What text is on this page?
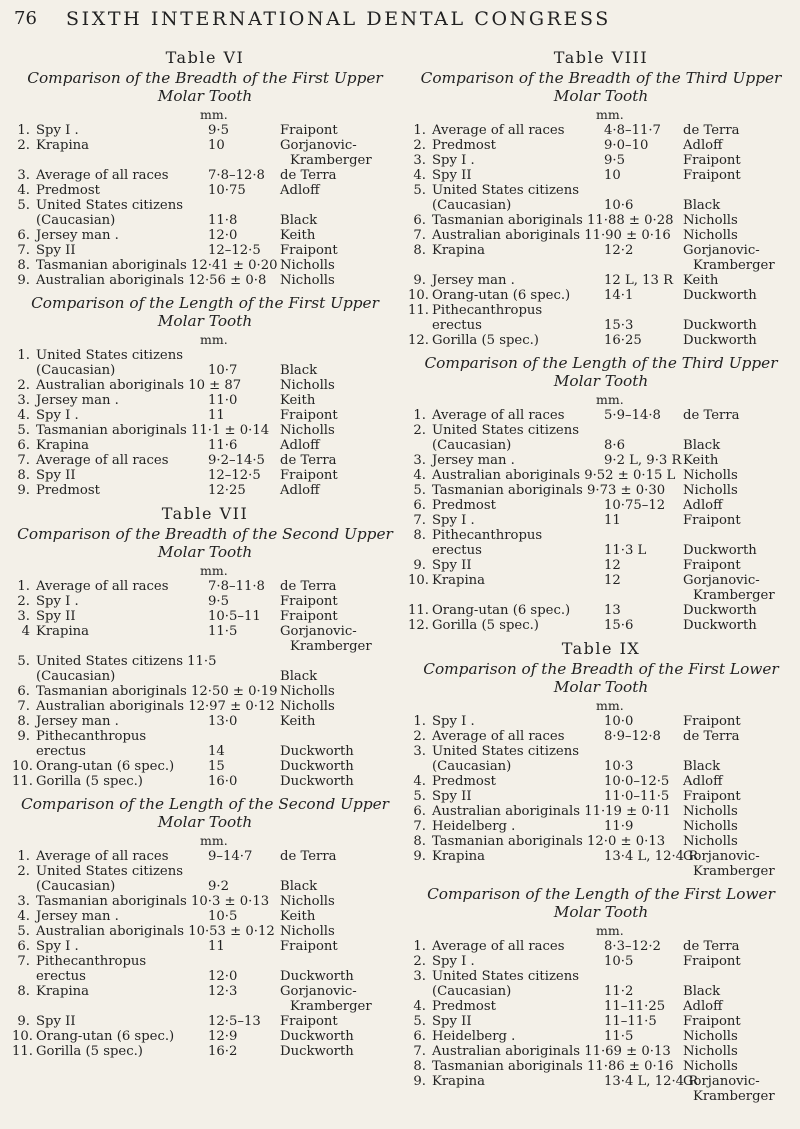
76 SIXTH INTERNATIONAL DENTAL CONGRESS
Table VI
Comparison of the Breadth of the First Upper Molar Tooth
mm.
1. Spy I .	9·5	Fraipont
2. Krapina	10	Gorjanovic-
Kramberger
3. Average of all races	7·8–12·8 de Terra
4. Predmost	10·75	Adloff
5. United States citizens
(Caucasian)	11·8	Black
6. Jersey man .	12·0	Keith
7. Spy II	12–12·5 Fraipont
8. Tasmanian aboriginals 12·41 ± 0·20 Nicholls
9. Australian aboriginals 12·56 ± 0·8 Nicholls
Comparison of the Length of the First Upper Molar Tooth
mm.
1. United States citizens
(Caucasian)	10·7	Black
2. Australian aboriginals 10 ± 87	Nicholls
3. Jersey man .	11·0	Keith
4. Spy I .	11	Fraipont
5. Tasmanian aboriginals 11·1 ± 0·14 Nicholls
6. Krapina	11·6	Adloff
7. Average of all races	9·2–14·5 de Terra
8. Spy II	12–12·5 Fraipont
9. Predmost	12·25	Adloff
Table VII
Comparison of the Breadth of the Second Upper Molar Tooth
mm.
1. Average of all races	7·8–11·8 de Terra
2. Spy I .	9·5	Fraipont
3. Spy II	10·5–11 Fraipont
4 Krapina	11·5	Gorjanovic-
Kramberger
5. United States citizens 11·5
(Caucasian)	Black
6. Tasmanian aboriginals 12·50 ± 0·19 Nicholls
7. Australian aboriginals 12·97 ± 0·12 Nicholls
8. Jersey man .	13·0	Keith
9. Pithecanthropus
erectus	14	Duckworth
10. Orang-utan (6 spec.)	15	Duckworth
11. Gorilla (5 spec.)	16·0	Duckworth
Comparison of the Length of the Second Upper Molar Tooth
mm.
1. Average of all races	9–14·7 de Terra
2. United States citizens
(Caucasian)	9·2	Black
3. Tasmanian aboriginals 10·3 ± 0·13 Nicholls
4. Jersey man .	10·5	Keith
5. Australian aboriginals 10·53 ± 0·12 Nicholls
6. Spy I .	11	Fraipont
7. Pithecanthropus
erectus	12·0	Duckworth
8. Krapina	12·3	Gorjanovic-
Kramberger
9. Spy II	12·5–13 Fraipont
10. Orang-utan (6 spec.)	12·9	Duckworth
11. Gorilla (5 spec.)	16·2	Duckworth
Table VIII
Comparison of the Breadth of the Third Upper Molar Tooth
mm.
1. Average of all races	4·8–11·7 de Terra
2. Predmost	9·0–10	Adloff
3. Spy I .	9·5	Fraipont
4. Spy II	10	Fraipont
5. United States citizens
(Caucasian)	10·6	Black
6. Tasmanian aboriginals 11·88 ± 0·28 Nicholls
7. Australian aboriginals 11·90 ± 0·16 Nicholls
8. Krapina	12·2	Gorjanovic-
Kramberger
9. Jersey man .	12 L, 13 R Keith
10. Orang-utan (6 spec.)	14·1	Duckworth
11. Pithecanthropus
erectus	15·3	Duckworth
12. Gorilla (5 spec.)	16·25	Duckworth
Comparison of the Length of the Third Upper Molar Tooth
mm.
1. Average of all races	5·9–14·8 de Terra
2. United States citizens
(Caucasian)	8·6	Black
3. Jersey man .	9·2 L, 9·3 R Keith
4. Australian aboriginals 9·52 ± 0·15 L Nicholls
5. Tasmanian aboriginals 9·73 ± 0·30 Nicholls
6. Predmost	10·75–12 Adloff
7. Spy I .	11	Fraipont
8. Pithecanthropus
erectus	11·3 L	Duckworth
9. Spy II	12	Fraipont
10. Krapina	12	Gorjanovic-
Kramberger
11. Orang-utan (6 spec.)	13	Duckworth
12. Gorilla (5 spec.)	15·6	Duckworth
Table IX
Comparison of the Breadth of the First Lower Molar Tooth
mm.
1. Spy I .	10·0	Fraipont
2. Average of all races	8·9–12·8 de Terra
3. United States citizens
(Caucasian)	10·3	Black
4. Predmost	10·0–12·5 Adloff
5. Spy II	11·0–11·5 Fraipont
6. Australian aboriginals 11·19 ± 0·11 Nicholls
7. Heidelberg .	11·9	Nicholls
8. Tasmanian aboriginals 12·0 ± 0·13 Nicholls
9. Krapina	13·4 L, 12·4 R
Gorjanovic-
Kramberger
Comparison of the Length of the First Lower Molar Tooth
mm.
1. Average of all races	8·3–12·2 de Terra
2. Spy I .	10·5	Fraipont
3. United States citizens
(Caucasian)	11·2	Black
4. Predmost	11–11·25 Adloff
5. Spy II	11–11·5 Fraipont
6. Heidelberg .	11·5	Nicholls
7. Australian aboriginals 11·69 ± 0·13 Nicholls
8. Tasmanian aboriginals 11·86 ± 0·16 Nicholls
9. Krapina	13·4 L, 12·4 R
Gorjanovic-
Kramberger
